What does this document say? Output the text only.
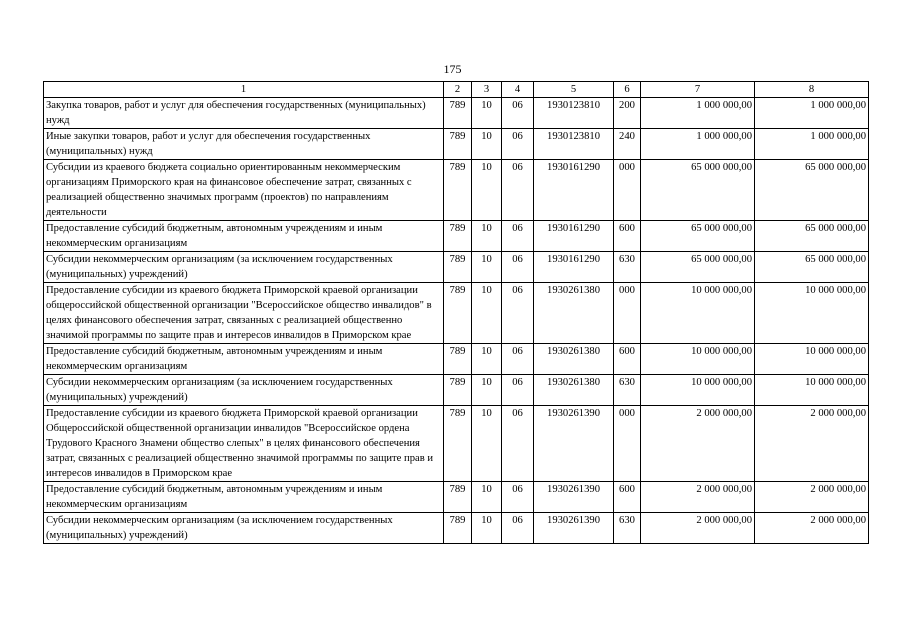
175
1	2	3	4	5	6	7	8
Закупка товаров, работ и услуг для обеспечения государственных (муниципальных) нужд	789	10	06	1930123810	200	1 000 000,00	1 000 000,00
Иные закупки товаров, работ и услуг для обеспечения государственных (муниципальных) нужд	789	10	06	1930123810	240	1 000 000,00	1 000 000,00
Субсидии из краевого бюджета социально ориентированным некоммерческим организациям Приморского края на финансовое обеспечение затрат, связанных с реализацией общественно значимых программ (проектов) по направлениям деятельности	789	10	06	1930161290	000	65 000 000,00	65 000 000,00
Предоставление субсидий бюджетным, автономным учреждениям и иным некоммерческим организациям	789	10	06	1930161290	600	65 000 000,00	65 000 000,00
Субсидии некоммерческим организациям (за исключением государственных (муниципальных) учреждений)	789	10	06	1930161290	630	65 000 000,00	65 000 000,00
Предоставление субсидии из краевого бюджета Приморской краевой организации общероссийской общественной организации "Всероссийское общество инвалидов" в целях финансового обеспечения затрат, связанных с реализацией общественно значимой программы по защите прав и интересов инвалидов в Приморском крае	789	10	06	1930261380	000	10 000 000,00	10 000 000,00
Предоставление субсидий бюджетным, автономным учреждениям и иным некоммерческим организациям	789	10	06	1930261380	600	10 000 000,00	10 000 000,00
Субсидии некоммерческим организациям (за исключением государственных (муниципальных) учреждений)	789	10	06	1930261380	630	10 000 000,00	10 000 000,00
Предоставление субсидии из краевого бюджета Приморской краевой организации Общероссийской общественной организации инвалидов "Всероссийское ордена Трудового Красного Знамени общество слепых" в целях финансового обеспечения затрат, связанных с реализацией общественно значимой программы по защите прав и интересов инвалидов в Приморском крае	789	10	06	1930261390	000	2 000 000,00	2 000 000,00
Предоставление субсидий бюджетным, автономным учреждениям и иным некоммерческим организациям	789	10	06	1930261390	600	2 000 000,00	2 000 000,00
Субсидии некоммерческим организациям (за исключением государственных (муниципальных) учреждений)	789	10	06	1930261390	630	2 000 000,00	2 000 000,00
